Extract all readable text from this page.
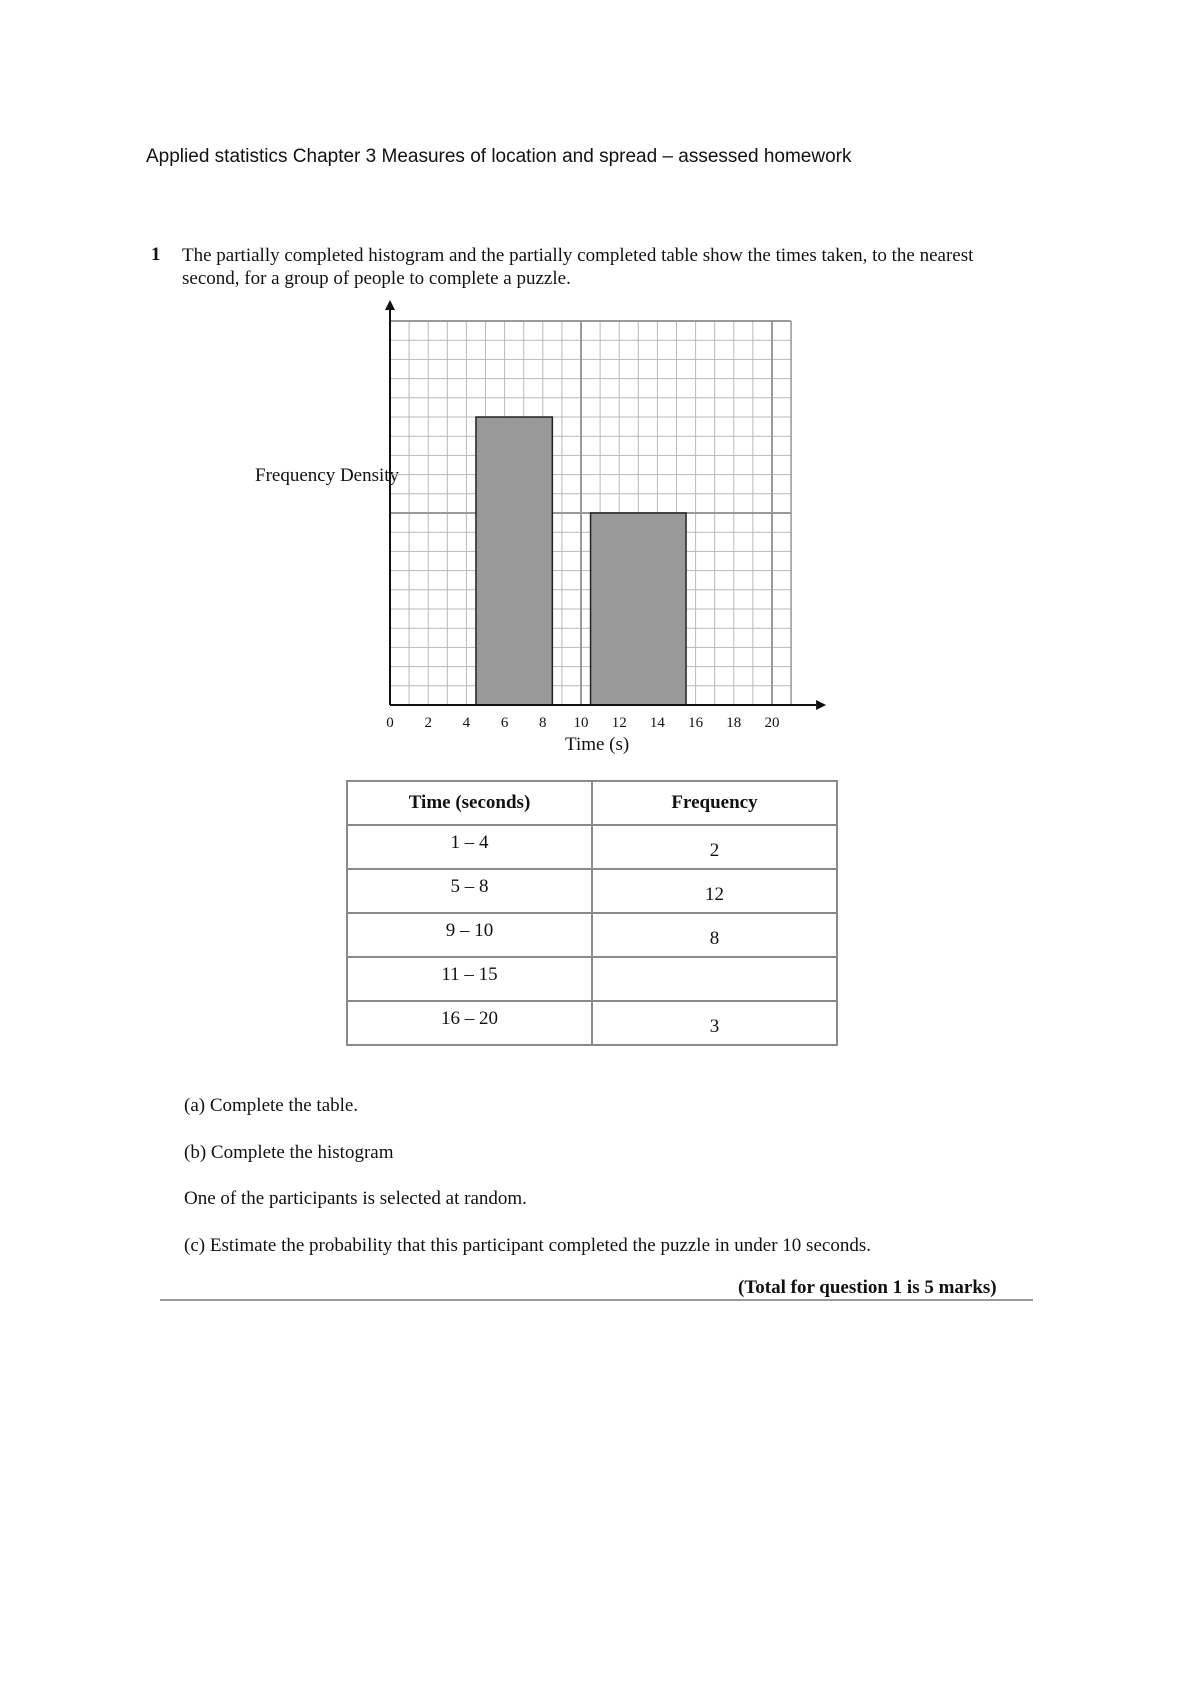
Applied statistics Chapter 3 Measures of location and spread – assessed homework
1 The partially completed histogram and the partially completed table show the times taken, to the nearest second, for a group of people to complete a puzzle.
Frequency Density
0 2 4 6 8 10 12 14 16 18 20
Time (s)
Time (seconds)	Frequency
1 – 4	2
5 – 8	12
9 – 10	8
11 – 15	
16 – 20	3
(a) Complete the table.
(b) Complete the histogram
One of the participants is selected at random.
(c) Estimate the probability that this participant completed the puzzle in under 10 seconds.
(Total for question 1 is 5 marks)
